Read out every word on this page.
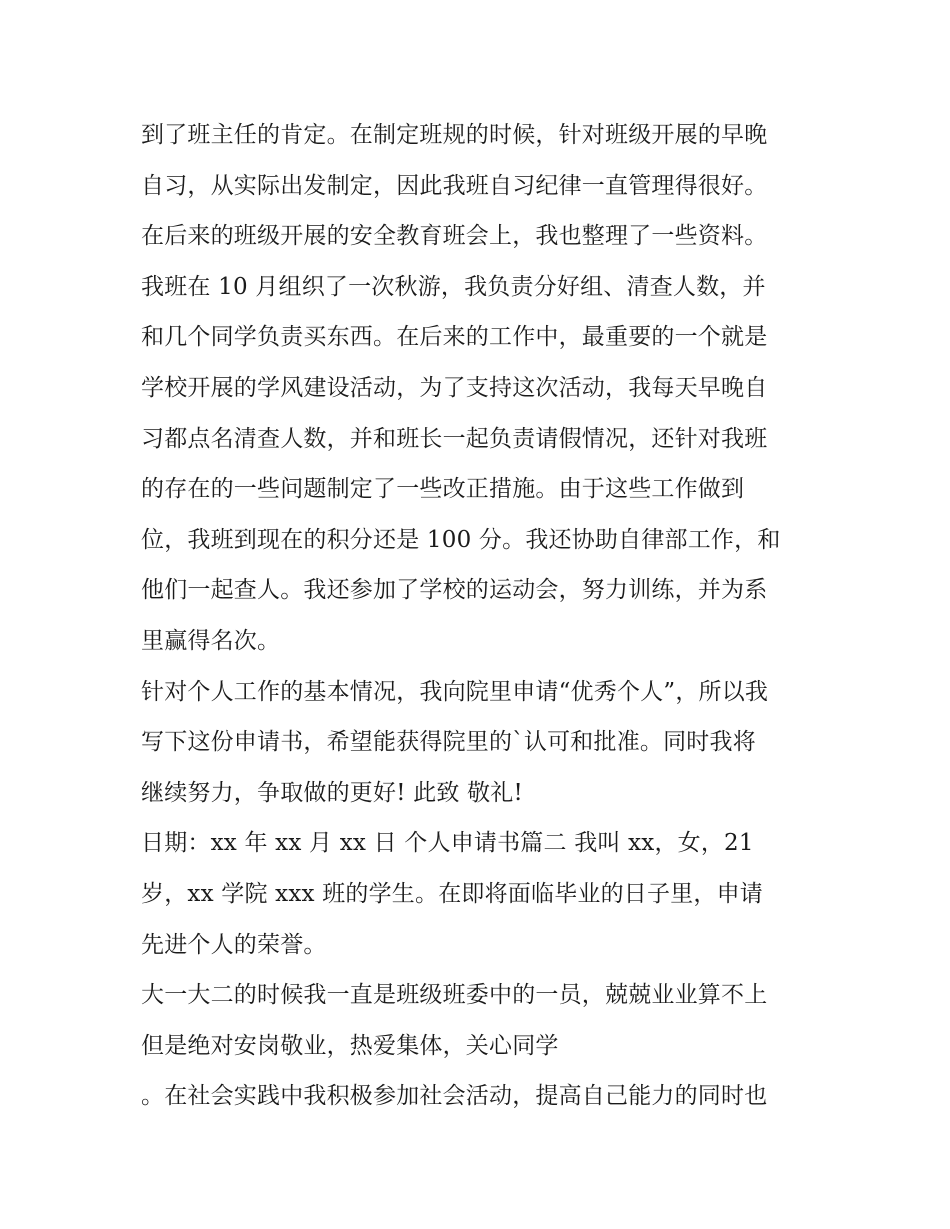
到了班主任的肯定。在制定班规的时候，针对班级开展的早晚
自习，从实际出发制定，因此我班自习纪律一直管理得很好。
在后来的班级开展的安全教育班会上，我也整理了一些资料。
我班在 10 月组织了一次秋游，我负责分好组、清查人数，并
和几个同学负责买东西。在后来的工作中，最重要的一个就是
学校开展的学风建设活动，为了支持这次活动，我每天早晚自
习都点名清查人数，并和班长一起负责请假情况，还针对我班
的存在的一些问题制定了一些改正措施。由于这些工作做到
位，我班到现在的积分还是 100 分。我还协助自律部工作，和
他们一起查人。我还参加了学校的运动会，努力训练，并为系
里赢得名次。
针对个人工作的基本情况，我向院里申请“优秀个人”，所以我
写下这份申请书，希望能获得院里的`认可和批准。同时我将
继续努力，争取做的更好! 此致 敬礼!
日期：xx 年 xx 月 xx 日 个人申请书篇二 我叫 xx，女，21
岁，xx 学院 xxx 班的学生。在即将面临毕业的日子里，申请
先进个人的荣誉。
大一大二的时候我一直是班级班委中的一员，兢兢业业算不上
但是绝对安岗敬业，热爱集体，关心同学
。在社会实践中我积极参加社会活动，提高自己能力的同时也
